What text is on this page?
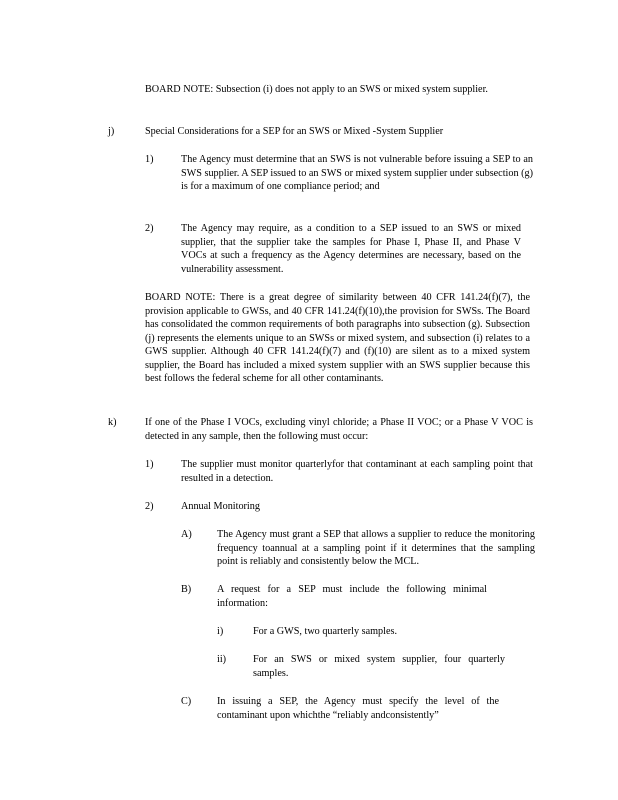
BOARD NOTE: Subsection (i) does not apply to an SWS or mixed system supplier.

j)	Special Considerations for a SEP for an SWS or Mixed -System Supplier

1)	The Agency must determine that an SWS is not vulnerable before issuing a SEP to an SWS supplier. A SEP issued to an SWS or mixed system supplier under subsection (g) is for a maximum of one compliance period; and

2)	The Agency may require, as a condition to a SEP issued to an SWS or mixed supplier, that the supplier take the samples for Phase I, Phase II, and Phase V VOCs at such a frequency as the Agency determines are necessary, based on the vulnerability assessment.

BOARD NOTE: There is a great degree of similarity between 40 CFR 141.24(f)(7), the provision applicable to GWSs, and 40 CFR 141.24(f)(10),the provision for SWSs. The Board has consolidated the common requirements of both paragraphs into subsection (g). Subsection (j) represents the elements unique to an SWSs or mixed system, and subsection (i) relates to a GWS supplier. Although 40 CFR 141.24(f)(7) and (f)(10) are silent as to a mixed system supplier, the Board has included a mixed system supplier with an SWS supplier because this best follows the federal scheme for all other contaminants.

k)	If one of the Phase I VOCs, excluding vinyl chloride; a Phase II VOC; or a Phase V VOC is detected in any sample, then the following must occur:

1)	The supplier must monitor quarterlyfor that contaminant at each sampling point that resulted in a detection.

2)	Annual Monitoring

A) The Agency must grant a SEP that allows a supplier to reduce the monitoring frequency toannual at a sampling point if it determines that the sampling point is reliably and consistently below the MCL.

B)	A request for a SEP must include the following minimal information:

i)	For a GWS, two quarterly samples.

ii)	For an SWS or mixed system supplier, four quarterly samples.

C)	In issuing a SEP, the Agency must specify the level of the contaminant upon whichthe “reliably andconsistently”
